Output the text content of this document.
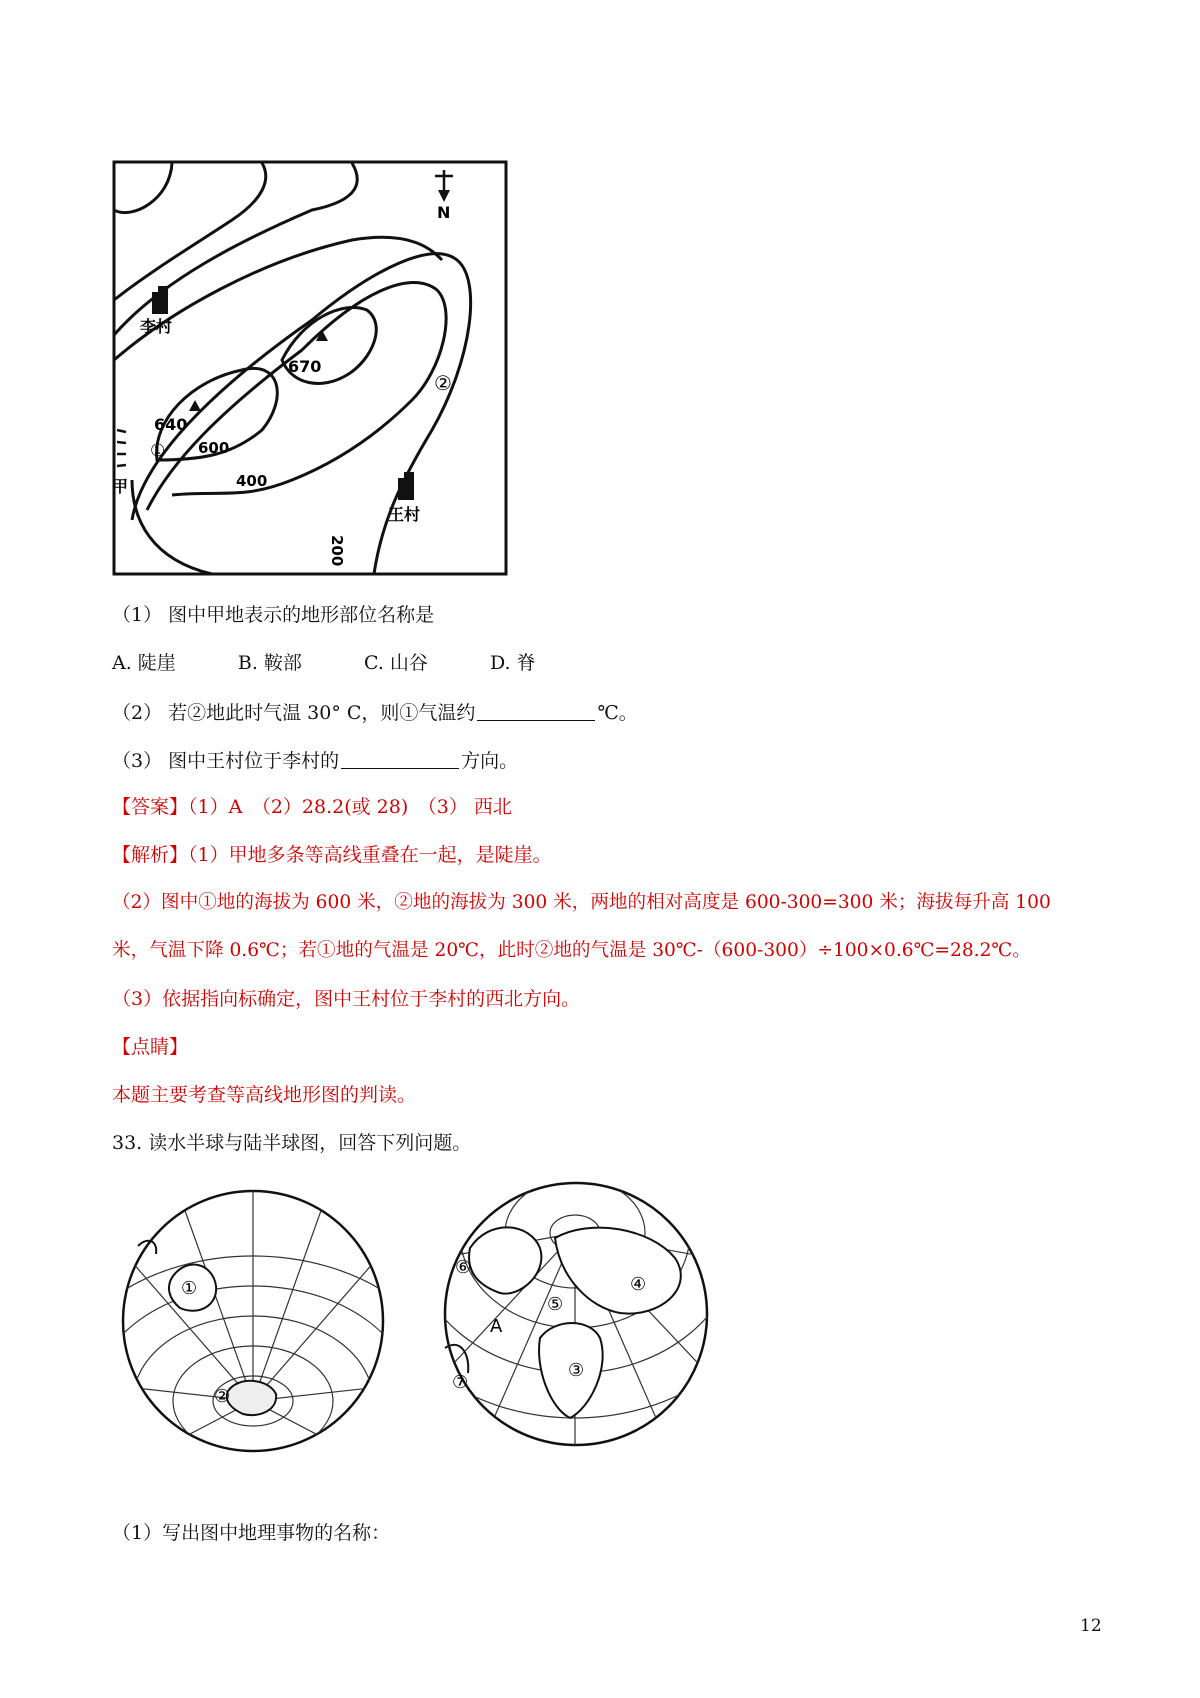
N
李村
王村
640
670
① 600
400
200
②
甲
（1） 图中甲地表示的地形部位名称是
A. 陡崖	B. 鞍部	C. 山谷	D. 脊
（2） 若②地此时气温 30° C，则①气温约	℃。
（3） 图中王村位于李村的	方向。
【答案】（1）A　（2）28.2(或 28)　（3） 西北
【解析】（1）甲地多条等高线重叠在一起，是陡崖。
（2）图中①地的海拔为 600 米，②地的海拔为 300 米，两地的相对高度是 600-300=300 米；海拔每升高 100
米，气温下降 0.6℃；若①地的气温是 20℃，此时②地的气温是 30℃-（600-300）÷100×0.6℃=28.2℃。
（3）依据指向标确定，图中王村位于李村的西北方向。
【点睛】
本题主要考查等高线地形图的判读。
33. 读水半球与陆半球图，回答下列问题。
①
②
⑥
④
⑤
A
⑦
③
（1）写出图中地理事物的名称：
12
